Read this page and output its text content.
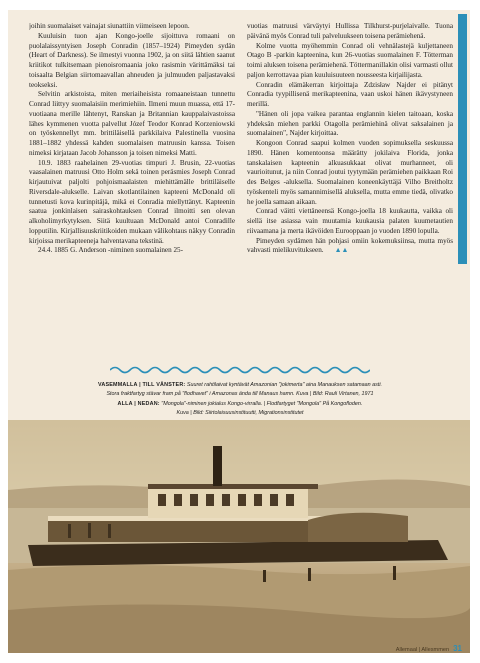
joihin suomalaiset vainajat siunattiin viimeiseen lepoon.

Kuuluisin tuon ajan Kongo-joelle sijoittuva romaani on puolalaissyntyisen Joseph Conradin (1857–1924) Pimeyden sydän (Heart of Darkness). Se ilmestyi vuonna 1902, ja on siitä lähtien saanut kriitikot tulkitsemaan pienoisromaania joko rasismin värittämäksi tai toisaalta Belgian siirtomaavallan ahneuden ja julmuuden paljastavaksi teokseksi.

Selvitin arkistoista, miten meriaiheisista romaaneistaan tunnettu Conrad liittyy suomalaisiin merimiehiin. Ilmeni muun muassa, että 17-vuotiaana merille lähtenyt, Ranskan ja Britannian kauppalaivastoissa lähes kymmenen vuotta palvellut Józef Teodor Konrad Korzeniowski on työskennellyt mm. brittiläisellä parkkilaiva Palestinella vuosina 1881–1882 yhdessä kahden suomalaisen matruusin kanssa. Toisen nimeksi kirjataan Jacob Johansson ja toisen nimeksi Matti.

10.9. 1883 raahelainen 29-vuotias timpuri J. Brusin, 22-vuotias vaasalainen matruusi Otto Holm sekä toinen peräsmies Joseph Conrad kirjautuivat paljolti pohjoismaalaisten miehittämälle brittiläiselle Riversdale-alukselle. Laivan skotlantilainen kapteeni McDonald oli tunnetusti kova kurinpitäjä, mikä ei Conradia miellyttänyt. Kapteenin saatua jonkinlaisen sairaskohtauksen Conrad ilmoitti sen olevan alkoholimyrkytyksen. Siitä kuultuaan McDonald antoi Conradille lopputilin. Kirjallisuuskriitikoiden mukaan välikohtaus näkyy Conradin kirjoissa merikapteeneja halventavana tekstinä.

24.4. 1885 G. Anderson -niminen suomalainen 25-

vuotias matruusi värväytyi Hullissa Tilkhurst-purjelaivalle. Tuona päivänä myös Conrad tuli palveluukseen toisena perämiehenä.

Kolme vuotta myöhemmin Conrad oli vehnälastejä kuljettaneen Otago B -parkin kapteenina, kun 26-vuotias suomalainen F. Tötterman toimi aluksen toisena perämiehenä. Töttermanillakin olisi varmasti ollut paljon kerrottavaa pian kuuluisuuteen nousseesta kirjailijasta.

Conradin elämäkerran kirjoittaja Zdzisław Najder ei pitänyt Conradia tyypillisenä merikapteenina, vaan uskoi hänen ikävystyneen merillä.

"Hänen oli jopa vaikea parantaa englannin kielen taitoaan, koska yhdeksän miehen parkki Otagolla perämiehinä olivat saksalainen ja suomalainen", Najder kirjoittaa.

Kongoon Conrad saapui kolmen vuoden sopimuksella seskuussa 1890. Hänen komentoonsa määrätty jokilaiva Florida, jonka tanskalaisen kapteenin alkuasukkaat olivat murhanneet, oli vaurioitunut, ja niin Conrad joutui tyytymään perämiehen paikkaan Roi des Belges -aluksella. Suomalainen koneenkäyttäjä Vilho Breitholtz työskenteli myös samannimisellä aluksella, mutta emme tiedä, olivatko he joella samaan aikaan.

Conrad väitti viettäneensä Kongo-joella 18 kuukautta, vaikka oli siellä itse asiassa vain muutamia kuukausia palaten kuumetautien riivaamana ja merta ikävöiden Eurooppaan jo vuoden 1890 lopulla.

Pimeyden sydämen hän pohjasi omiin kokemuksiinsa, mutta myös vahvasti mielikuvitukseen. ▲▲

VASEMMALLA | TILL VÄNSTER: Suuret rahtilaivat kyntävät Amazonian "jokimerta" aina Manauksen satamaan asti.
Stora fraktfartyg stävar fram på "flodhavet" i Amazonas ända till Manaus hamn. Kuva | Bild: Rauli Virtanen, 1971
ALLA | NEDAN: "Mongola"-niminen jokialus Kongo-virralla. | Flodfartyget "Mongola" På Kongofloden.
Kuva | Bild: Siirtolaisuusinstituutti, Migrationsinstitutet
Allemaal | Allesmmen 31
